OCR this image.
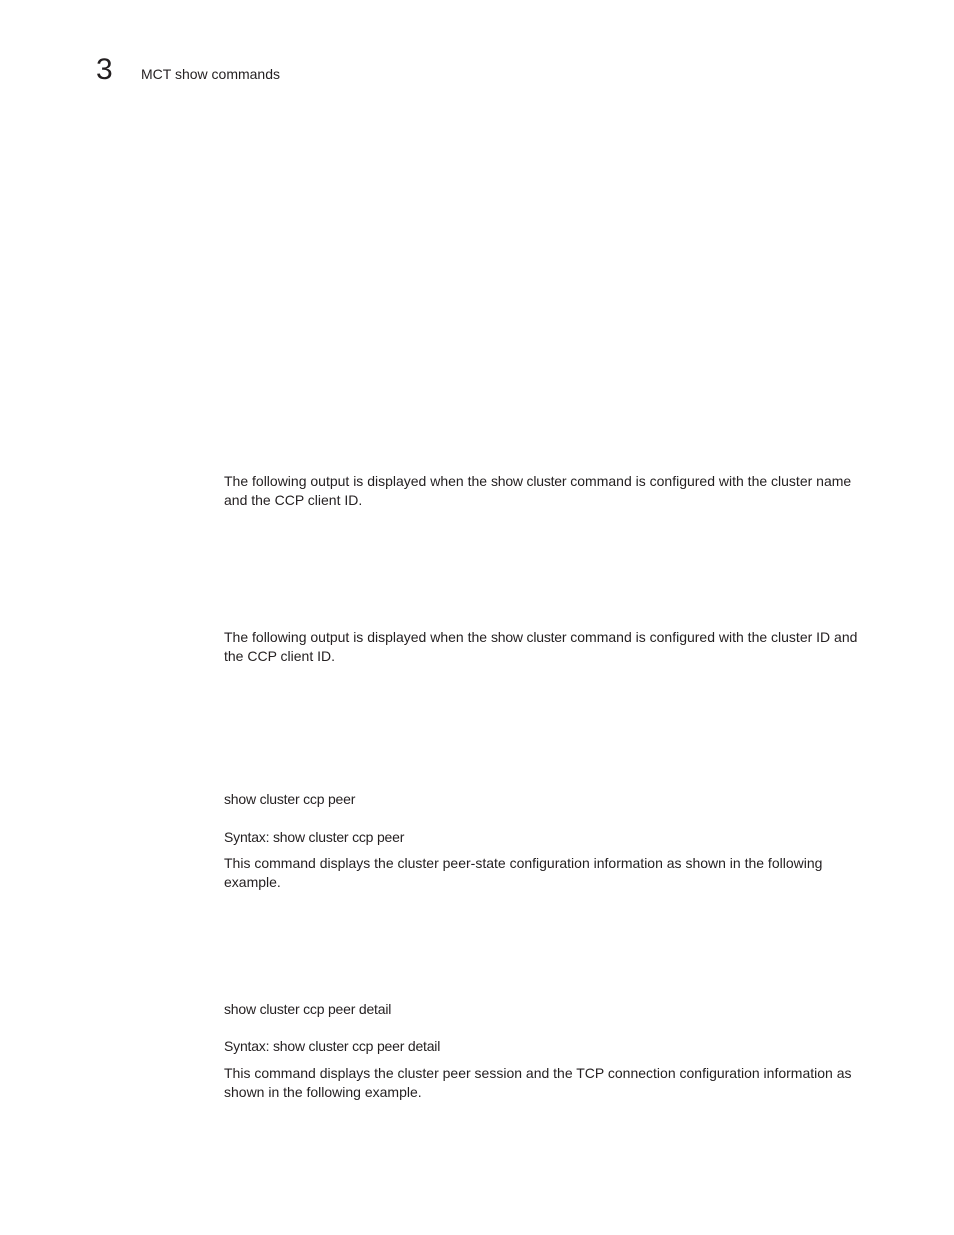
3 MCT show commands

The following output is displayed when the show cluster command is configured with the cluster name and the CCP client ID.

The following output is displayed when the show cluster command is configured with the cluster ID and the CCP client ID.

show cluster ccp peer

Syntax: show cluster ccp peer

This command displays the cluster peer-state configuration information as shown in the following example.

show cluster ccp peer detail

Syntax: show cluster ccp peer detail

This command displays the cluster peer session and the TCP connection configuration information as shown in the following example.
